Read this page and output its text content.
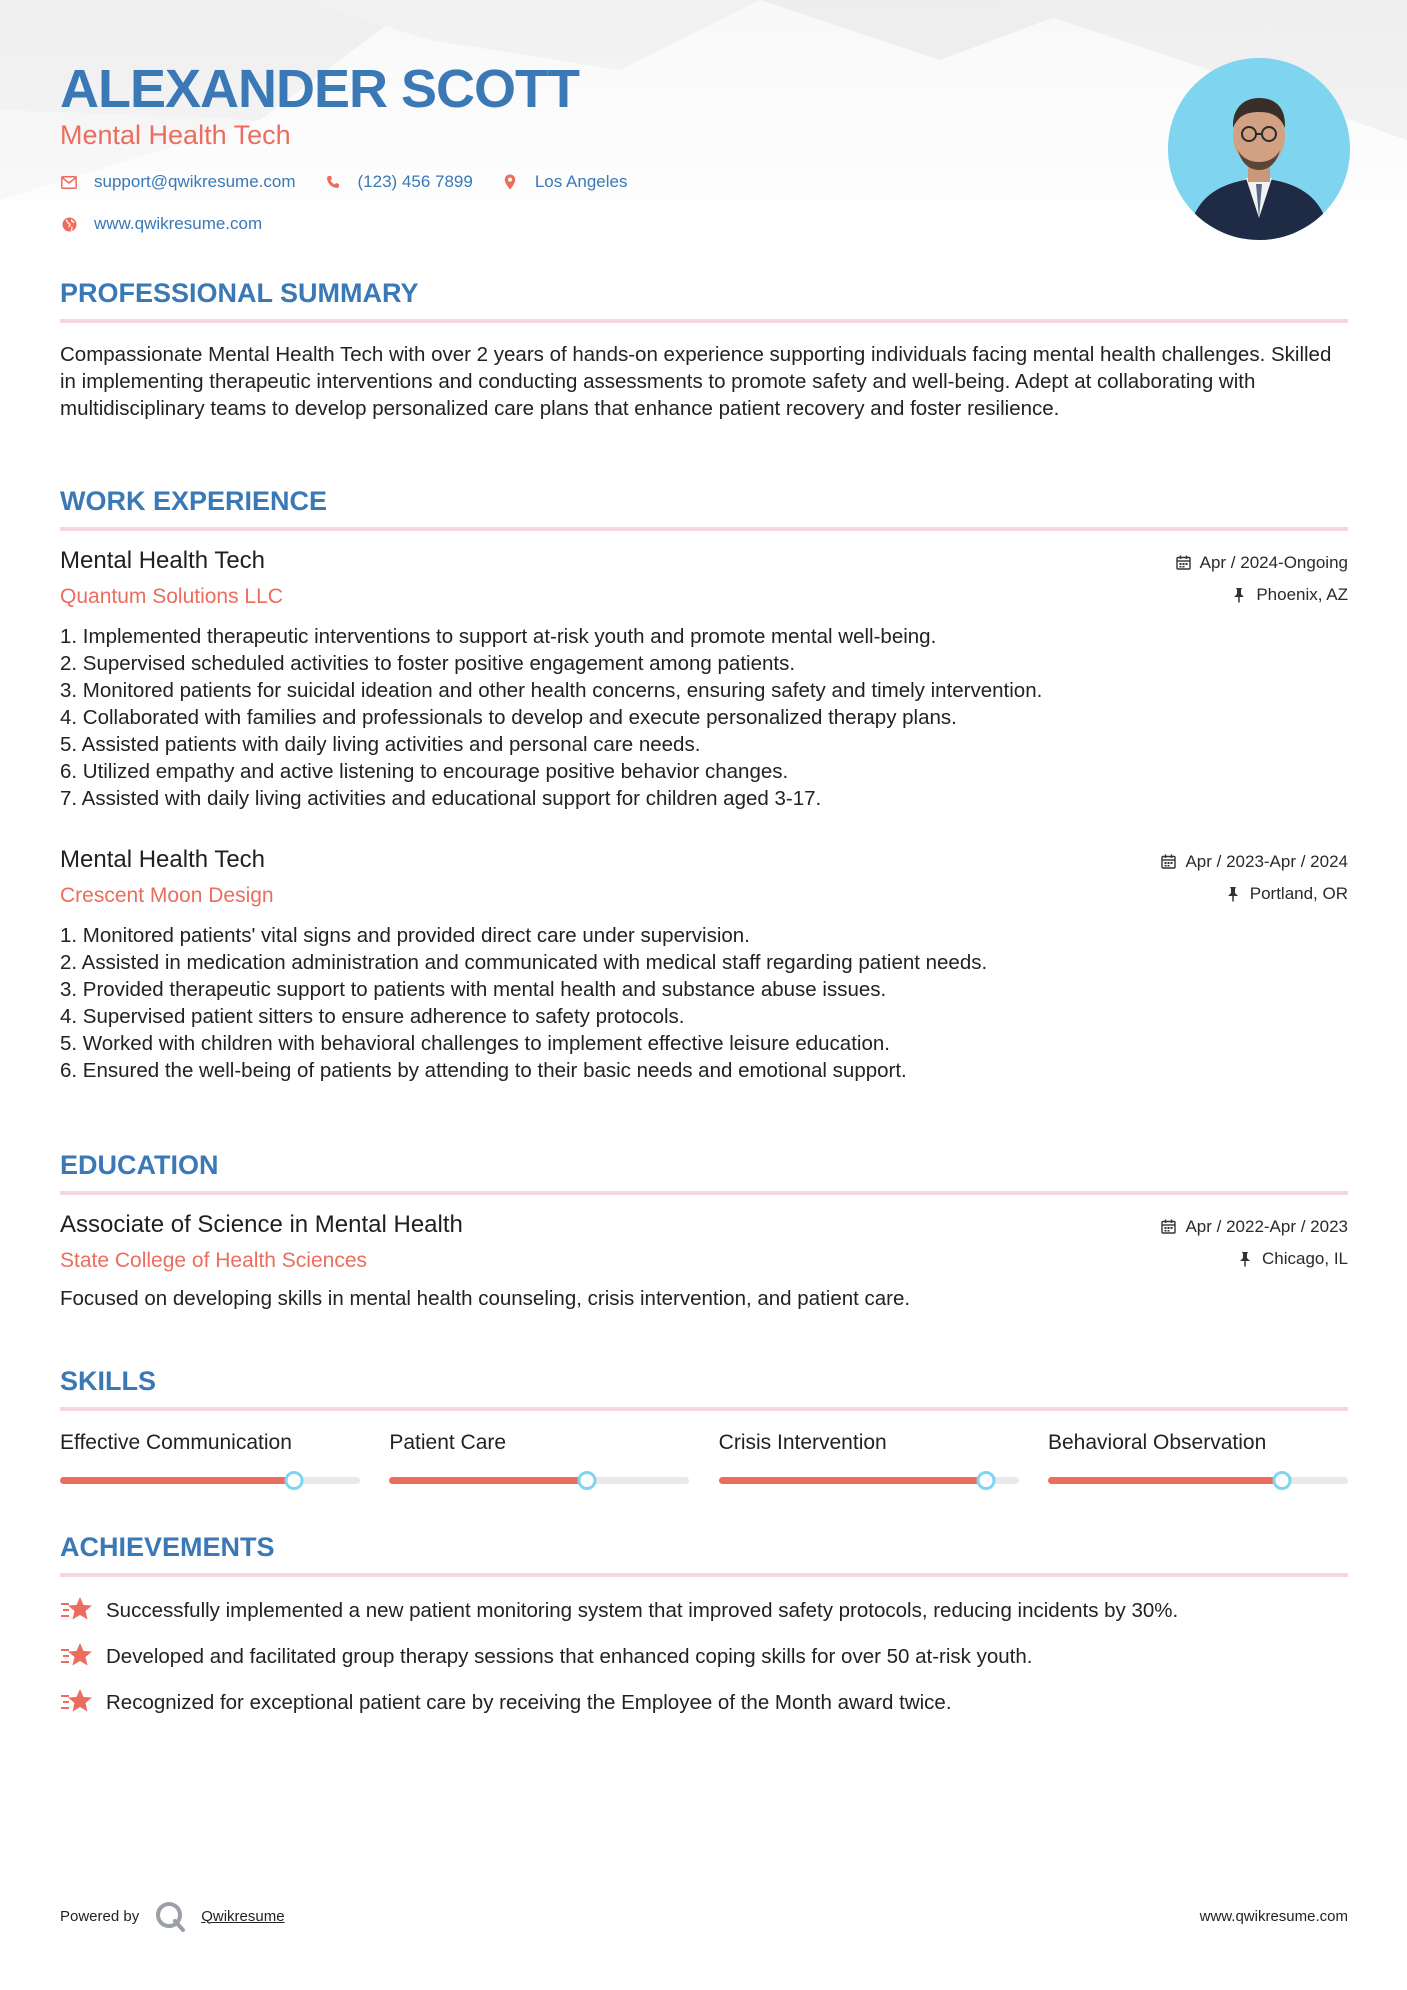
ALEXANDER SCOTT
Mental Health Tech
support@qwikresume.com	(123) 456 7899	Los Angeles
www.qwikresume.com
PROFESSIONAL SUMMARY
Compassionate Mental Health Tech with over 2 years of hands-on experience supporting individuals facing mental health challenges. Skilled in implementing therapeutic interventions and conducting assessments to promote safety and well-being. Adept at collaborating with multidisciplinary teams to develop personalized care plans that enhance patient recovery and foster resilience.
WORK EXPERIENCE
Mental Health Tech
Quantum Solutions LLC
Apr / 2024-Ongoing
Phoenix, AZ
1. Implemented therapeutic interventions to support at-risk youth and promote mental well-being.
2. Supervised scheduled activities to foster positive engagement among patients.
3. Monitored patients for suicidal ideation and other health concerns, ensuring safety and timely intervention.
4. Collaborated with families and professionals to develop and execute personalized therapy plans.
5. Assisted patients with daily living activities and personal care needs.
6. Utilized empathy and active listening to encourage positive behavior changes.
7. Assisted with daily living activities and educational support for children aged 3-17.
Mental Health Tech
Crescent Moon Design
Apr / 2023-Apr / 2024
Portland, OR
1. Monitored patients' vital signs and provided direct care under supervision.
2. Assisted in medication administration and communicated with medical staff regarding patient needs.
3. Provided therapeutic support to patients with mental health and substance abuse issues.
4. Supervised patient sitters to ensure adherence to safety protocols.
5. Worked with children with behavioral challenges to implement effective leisure education.
6. Ensured the well-being of patients by attending to their basic needs and emotional support.
EDUCATION
Associate of Science in Mental Health
State College of Health Sciences
Apr / 2022-Apr / 2023
Chicago, IL
Focused on developing skills in mental health counseling, crisis intervention, and patient care.
SKILLS
Effective Communication	Patient Care	Crisis Intervention	Behavioral Observation
ACHIEVEMENTS
Successfully implemented a new patient monitoring system that improved safety protocols, reducing incidents by 30%.
Developed and facilitated group therapy sessions that enhanced coping skills for over 50 at-risk youth.
Recognized for exceptional patient care by receiving the Employee of the Month award twice.
Powered by	Qwikresume	www.qwikresume.com
